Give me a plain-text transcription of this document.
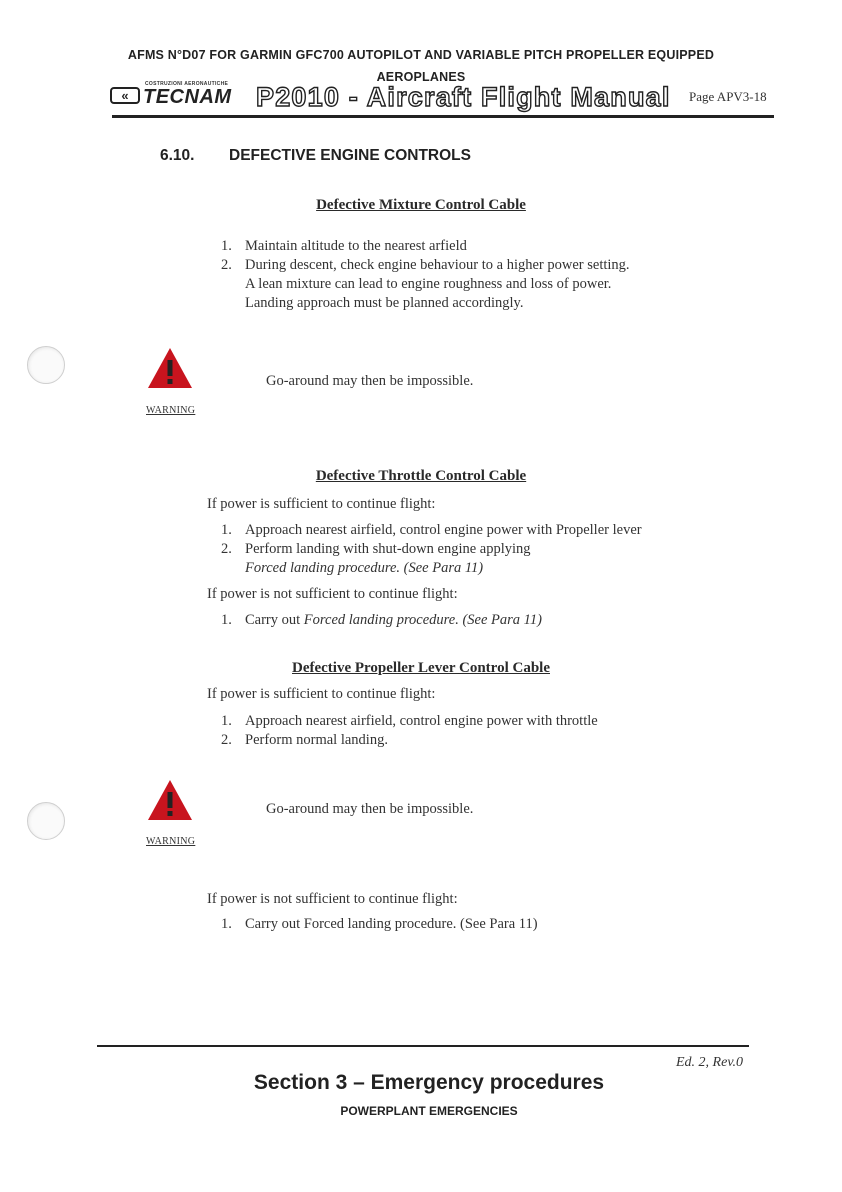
AFMS N°D07 FOR GARMIN GFC700 AUTOPILOT AND VARIABLE PITCH PROPELLER EQUIPPED
AEROPLANES
COSTRUZIONI AERONAUTICHE
« TECNAM P2010 - Aircraft Flight Manual Page APV3-18
6.10. DEFECTIVE ENGINE CONTROLS
Defective Mixture Control Cable
1. Maintain altitude to the nearest arfield
2. During descent, check engine behaviour to a higher power setting.
A lean mixture can lead to engine roughness and loss of power.
Landing approach must be planned accordingly.
WARNING
Go-around may then be impossible.
Defective Throttle Control Cable
If power is sufficient to continue flight:
1. Approach nearest airfield, control engine power with Propeller lever
2. Perform landing with shut-down engine applying
Forced landing procedure. (See Para 11)
If power is not sufficient to continue flight:
1. Carry out Forced landing procedure. (See Para 11)
Defective Propeller Lever Control Cable
If power is sufficient to continue flight:
1. Approach nearest airfield, control engine power with throttle
2. Perform normal landing.
WARNING
Go-around may then be impossible.
If power is not sufficient to continue flight:
1. Carry out Forced landing procedure. (See Para 11)
Ed. 2, Rev.0
Section 3 – Emergency procedures
POWERPLANT EMERGENCIES
